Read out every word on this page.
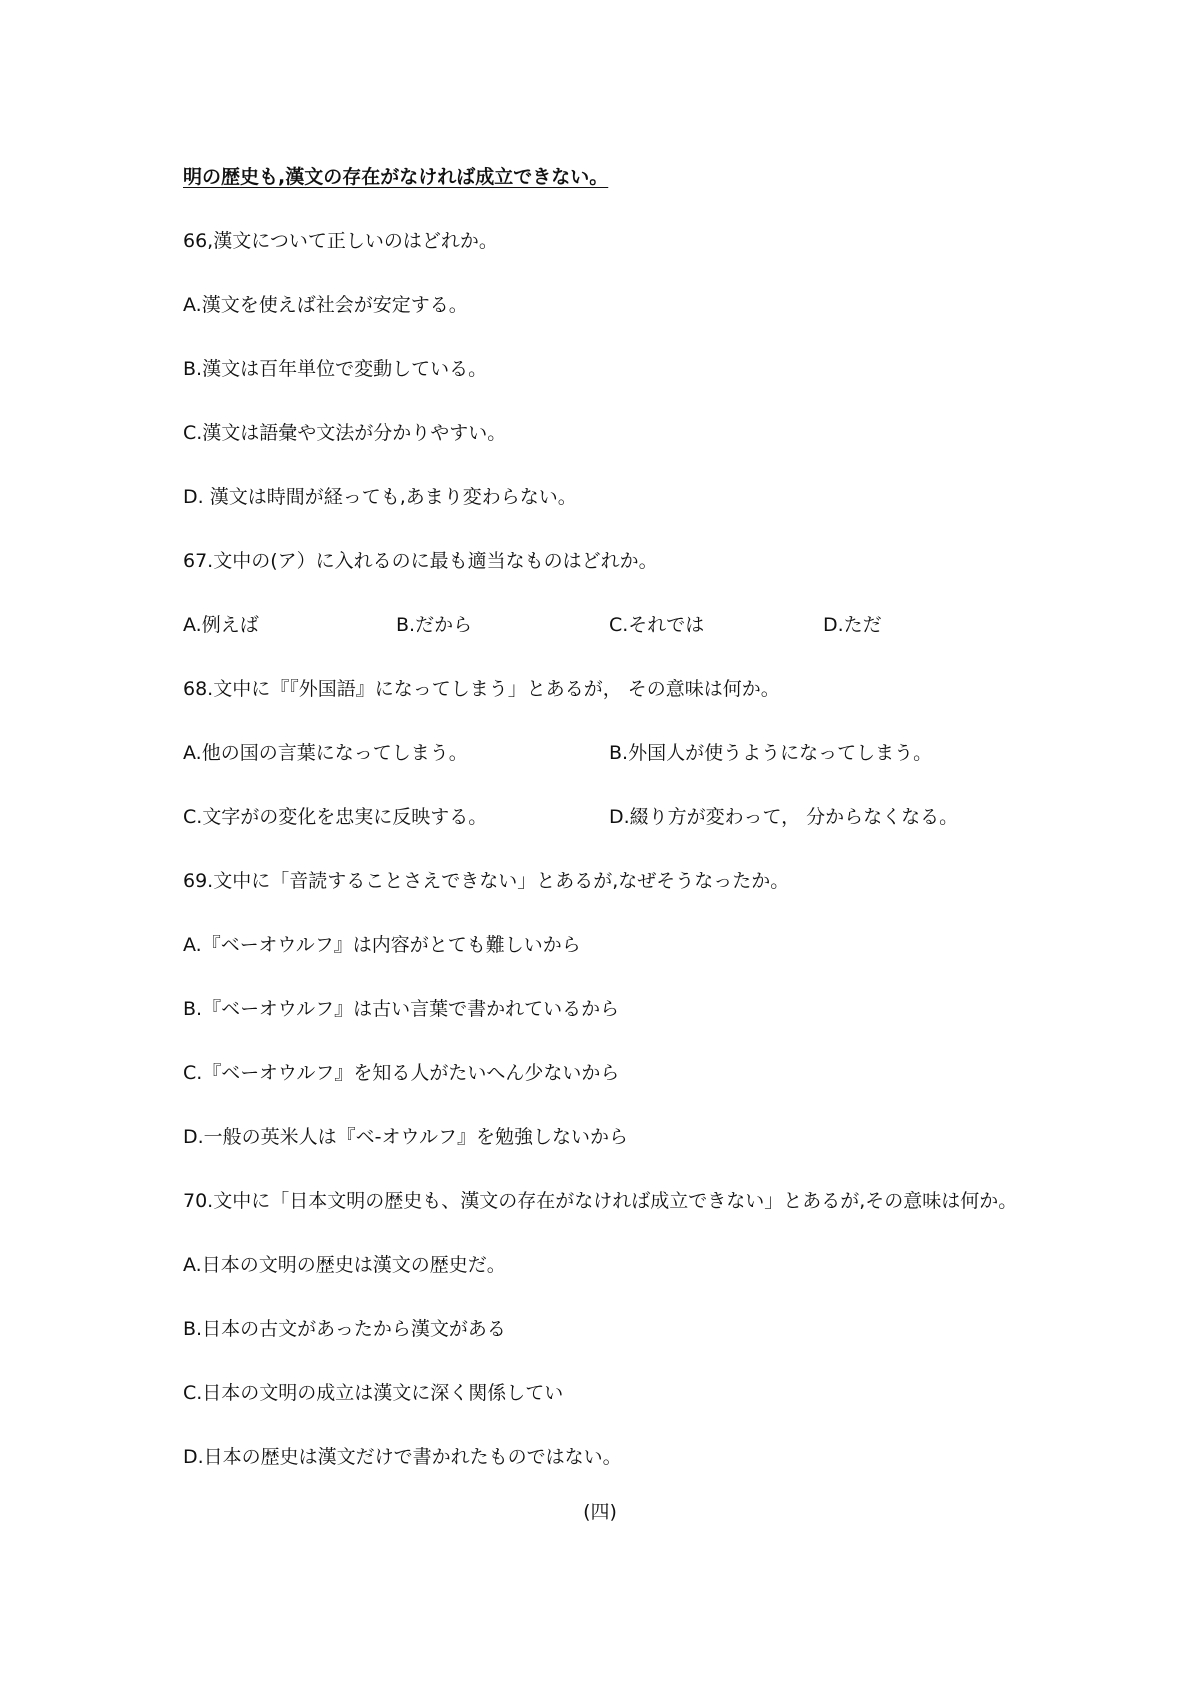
明の歴史も,漢文の存在がなければ成立できない。
66,漢文について正しいのはどれか。
A.漢文を使えば社会が安定する。
B.漢文は百年単位で変動している。
C.漢文は語彙や文法が分かりやすい。
D. 漢文は時間が経っても,あまり変わらない。
67.文中の(ア）に入れるのに最も適当なものはどれか。
A.例えば	B.だから	C.それでは	D.ただ
68.文中に『『外国語』になってしまう」とあるが， その意味は何か。
A.他の国の言葉になってしまう。	B.外国人が使うようになってしまう。
C.文字がの変化を忠実に反映する。	D.綴り方が変わって， 分からなくなる。
69.文中に「音読することさえできない」とあるが,なぜそうなったか。
A.『ベーオウルフ』は内容がとても難しいから
B.『ベーオウルフ』は古い言葉で書かれているから
C.『ベーオウルフ』を知る人がたいへん少ないから
D.一般の英米人は『ベ-オウルフ』を勉強しないから
70.文中に「日本文明の歴史も、漢文の存在がなければ成立できない」とあるが,その意味は何か。
A.日本の文明の歴史は漢文の歴史だ。
B.日本の古文があったから漢文がある
C.日本の文明の成立は漢文に深く関係してい
D.日本の歴史は漢文だけで書かれたものではない。
(四)
